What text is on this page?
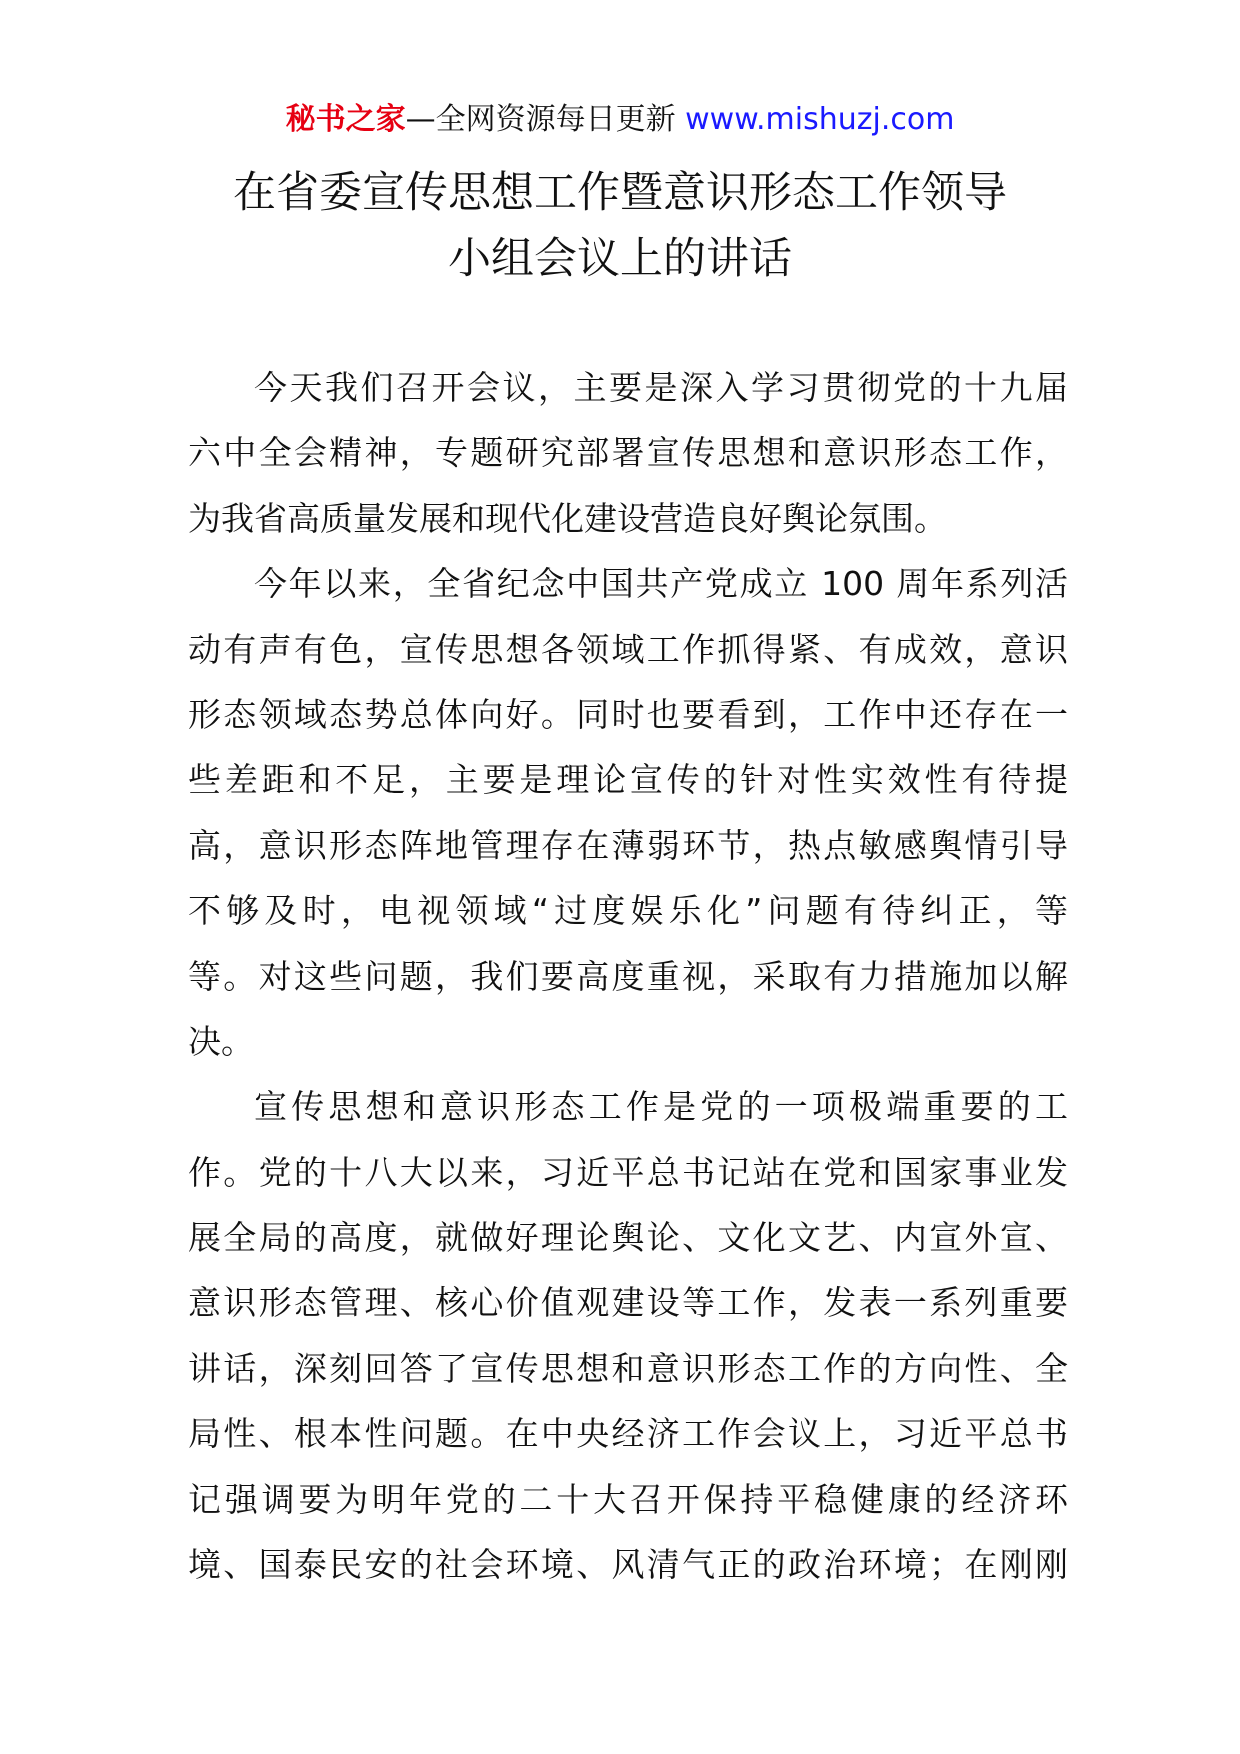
秘书之家—全网资源每日更新 www.mishuzj.com
在省委宣传思想工作暨意识形态工作领导
小组会议上的讲话
今天我们召开会议，主要是深入学习贯彻党的十九届
六中全会精神，专题研究部署宣传思想和意识形态工作，
为我省高质量发展和现代化建设营造良好舆论氛围。
今年以来，全省纪念中国共产党成立 100 周年系列活
动有声有色，宣传思想各领域工作抓得紧、有成效，意识
形态领域态势总体向好。同时也要看到，工作中还存在一
些差距和不足，主要是理论宣传的针对性实效性有待提
高，意识形态阵地管理存在薄弱环节，热点敏感舆情引导
不够及时，电视领域“过度娱乐化”问题有待纠正，等
等。对这些问题，我们要高度重视，采取有力措施加以解
决。
宣传思想和意识形态工作是党的一项极端重要的工
作。党的十八大以来，习近平总书记站在党和国家事业发
展全局的高度，就做好理论舆论、文化文艺、内宣外宣、
意识形态管理、核心价值观建设等工作，发表一系列重要
讲话，深刻回答了宣传思想和意识形态工作的方向性、全
局性、根本性问题。在中央经济工作会议上，习近平总书
记强调要为明年党的二十大召开保持平稳健康的经济环
境、国泰民安的社会环境、风清气正的政治环境；在刚刚
